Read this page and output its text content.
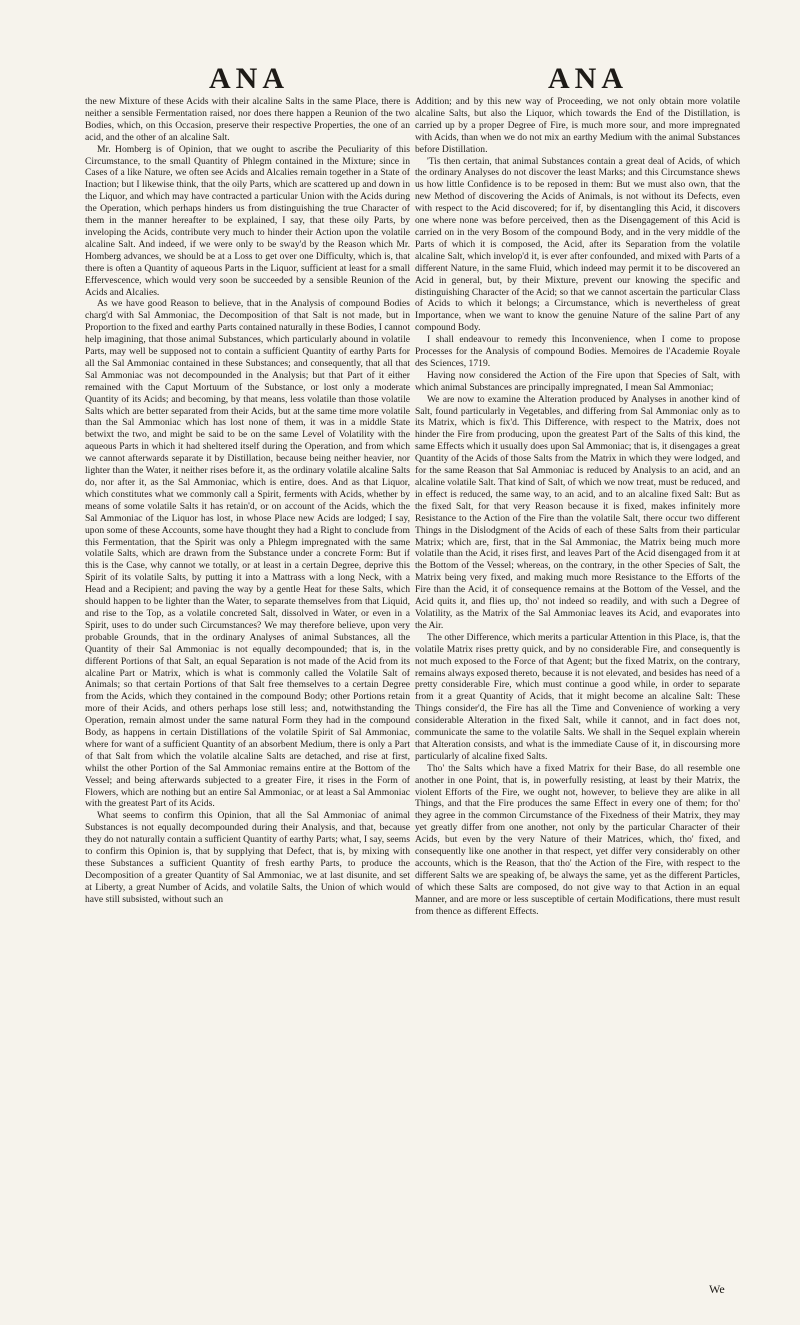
ANA	ANA

the new Mixture of these Acids with their alcaline Salts in the same Place, there is neither a sensible Fermentation raised, nor does there happen a Reunion of the two Bodies, which, on this Occasion, preserve their respective Properties, the one of an acid, and the other of an alcaline Salt.

Mr. Homberg is of Opinion, that we ought to ascribe the Peculiarity of this Circumstance, to the small Quantity of Phlegm contained in the Mixture; since in Cases of a like Nature, we often see Acids and Alcalies remain together in a State of Inaction; but I likewise think, that the oily Parts, which are scattered up and down in the Liquor, and which may have contracted a particular Union with the Acids during the Operation, which perhaps hinders us from distinguishing the true Character of them in the manner hereafter to be explained, I say, that these oily Parts, by inveloping the Acids, contribute very much to hinder their Action upon the volatile alcaline Salt. And indeed, if we were only to be sway'd by the Reason which Mr. Homberg advances, we should be at a Loss to get over one Difficulty, which is, that there is often a Quantity of aqueous Parts in the Liquor, sufficient at least for a small Effervescence, which would very soon be succeeded by a sensible Reunion of the Acids and Alcalies.

As we have good Reason to believe, that in the Analysis of compound Bodies charg'd with Sal Ammoniac, the Decomposition of that Salt is not made, but in Proportion to the fixed and earthy Parts contained naturally in these Bodies, I cannot help imagining, that those animal Substances, which particularly abound in volatile Parts, may well be supposed not to contain a sufficient Quantity of earthy Parts for all the Sal Ammoniac contained in these Substances; and consequently, that all that Sal Ammoniac was not decompounded in the Analysis; but that Part of it either remained with the Caput Mortuum of the Substance, or lost only a moderate Quantity of its Acids; and becoming, by that means, less volatile than those volatile Salts which are better separated from their Acids, but at the same time more volatile than the Sal Ammoniac which has lost none of them, it was in a middle State betwixt the two, and might be said to be on the same Level of Volatility with the aqueous Parts in which it had sheltered itself during the Operation, and from which we cannot afterwards separate it by Distillation, because being neither heavier, nor lighter than the Water, it neither rises before it, as the ordinary volatile alcaline Salts do, nor after it, as the Sal Ammoniac, which is entire, does. And as that Liquor, which constitutes what we commonly call a Spirit, ferments with Acids, whether by means of some volatile Salts it has retain'd, or on account of the Acids, which the Sal Ammoniac of the Liquor has lost, in whose Place new Acids are lodged; I say, upon some of these Accounts, some have thought they had a Right to conclude from this Fermentation, that the Spirit was only a Phlegm impregnated with the same volatile Salts, which are drawn from the Substance under a concrete Form: But if this is the Case, why cannot we totally, or at least in a certain Degree, deprive this Spirit of its volatile Salts, by putting it into a Mattrass with a long Neck, with a Head and a Recipient; and paving the way by a gentle Heat for these Salts, which should happen to be lighter than the Water, to separate themselves from that Liquid, and rise to the Top, as a volatile concreted Salt, dissolved in Water, or even in a Spirit, uses to do under such Circumstances? We may therefore believe, upon very probable Grounds, that in the ordinary Analyses of animal Substances, all the Quantity of their Sal Ammoniac is not equally decompounded; that is, in the different Portions of that Salt, an equal Separation is not made of the Acid from its alcaline Part or Matrix, which is what is commonly called the Volatile Salt of Animals; so that certain Portions of that Salt free themselves to a certain Degree from the Acids, which they contained in the compound Body; other Portions retain more of their Acids, and others perhaps lose still less; and, notwithstanding the Operation, remain almost under the same natural Form they had in the compound Body, as happens in certain Distillations of the volatile Spirit of Sal Ammoniac, where for want of a sufficient Quantity of an absorbent Medium, there is only a Part of that Salt from which the volatile alcaline Salts are detached, and rise at first, whilst the other Portion of the Sal Ammoniac remains entire at the Bottom of the Vessel; and being afterwards subjected to a greater Fire, it rises in the Form of Flowers, which are nothing but an entire Sal Ammoniac, or at least a Sal Ammoniac with the greatest Part of its Acids.

What seems to confirm this Opinion, that all the Sal Ammoniac of animal Substances is not equally decompounded during their Analysis, and that, because they do not naturally contain a sufficient Quantity of earthy Parts; what, I say, seems to confirm this Opinion is, that by supplying that Defect, that is, by mixing with these Substances a sufficient Quantity of fresh earthy Parts, to produce the Decomposition of a greater Quantity of Sal Ammoniac, we at last disunite, and set at Liberty, a great Number of Acids, and volatile Salts, the Union of which would have still subsisted, without such an

Addition; and by this new way of Proceeding, we not only obtain more volatile alcaline Salts, but also the Liquor, which towards the End of the Distillation, is carried up by a proper Degree of Fire, is much more sour, and more impregnated with Acids, than when we do not mix an earthy Medium with the animal Substances before Distillation.

'Tis then certain, that animal Substances contain a great deal of Acids, of which the ordinary Analyses do not discover the least Marks; and this Circumstance shews us how little Confidence is to be reposed in them: But we must also own, that the new Method of discovering the Acids of Animals, is not without its Defects, even with respect to the Acid discovered; for if, by disentangling this Acid, it discovers one where none was before perceived, then as the Disengagement of this Acid is carried on in the very Bosom of the compound Body, and in the very middle of the Parts of which it is composed, the Acid, after its Separation from the volatile alcaline Salt, which invelop'd it, is ever after confounded, and mixed with Parts of a different Nature, in the same Fluid, which indeed may permit it to be discovered an Acid in general, but, by their Mixture, prevent our knowing the specific and distinguishing Character of the Acid; so that we cannot ascertain the particular Class of Acids to which it belongs; a Circumstance, which is nevertheless of great Importance, when we want to know the genuine Nature of the saline Part of any compound Body.

I shall endeavour to remedy this Inconvenience, when I come to propose Processes for the Analysis of compound Bodies. Memoires de l'Academie Royale des Sciences, 1719.

Having now considered the Action of the Fire upon that Species of Salt, with which animal Substances are principally impregnated, I mean Sal Ammoniac;

We are now to examine the Alteration produced by Analyses in another kind of Salt, found particularly in Vegetables, and differing from Sal Ammoniac only as to its Matrix, which is fix'd. This Difference, with respect to the Matrix, does not hinder the Fire from producing, upon the greatest Part of the Salts of this kind, the same Effects which it usually does upon Sal Ammoniac; that is, it disengages a great Quantity of the Acids of those Salts from the Matrix in which they were lodged, and for the same Reason that Sal Ammoniac is reduced by Analysis to an acid, and an alcaline volatile Salt. That kind of Salt, of which we now treat, must be reduced, and in effect is reduced, the same way, to an acid, and to an alcaline fixed Salt: But as the fixed Salt, for that very Reason because it is fixed, makes infinitely more Resistance to the Action of the Fire than the volatile Salt, there occur two different Things in the Dislodgment of the Acids of each of these Salts from their particular Matrix; which are, first, that in the Sal Ammoniac, the Matrix being much more volatile than the Acid, it rises first, and leaves Part of the Acid disengaged from it at the Bottom of the Vessel; whereas, on the contrary, in the other Species of Salt, the Matrix being very fixed, and making much more Resistance to the Efforts of the Fire than the Acid, it of consequence remains at the Bottom of the Vessel, and the Acid quits it, and flies up, tho' not indeed so readily, and with such a Degree of Volatility, as the Matrix of the Sal Ammoniac leaves its Acid, and evaporates into the Air.

The other Difference, which merits a particular Attention in this Place, is, that the volatile Matrix rises pretty quick, and by no considerable Fire, and consequently is not much exposed to the Force of that Agent; but the fixed Matrix, on the contrary, remains always exposed thereto, because it is not elevated, and besides has need of a pretty considerable Fire, which must continue a good while, in order to separate from it a great Quantity of Acids, that it might become an alcaline Salt: These Things consider'd, the Fire has all the Time and Convenience of working a very considerable Alteration in the fixed Salt, while it cannot, and in fact does not, communicate the same to the volatile Salts. We shall in the Sequel explain wherein that Alteration consists, and what is the immediate Cause of it, in discoursing more particularly of alcaline fixed Salts.

Tho' the Salts which have a fixed Matrix for their Base, do all resemble one another in one Point, that is, in powerfully resisting, at least by their Matrix, the violent Efforts of the Fire, we ought not, however, to believe they are alike in all Things, and that the Fire produces the same Effect in every one of them; for tho' they agree in the common Circumstance of the Fixedness of their Matrix, they may yet greatly differ from one another, not only by the particular Character of their Acids, but even by the very Nature of their Matrices, which, tho' fixed, and consequently like one another in that respect, yet differ very considerably on other accounts, which is the Reason, that tho' the Action of the Fire, with respect to the different Salts we are speaking of, be always the same, yet as the different Particles, of which these Salts are composed, do not give way to that Action in an equal Manner, and are more or less susceptible of certain Modifications, there must result from thence as different Effects.

We
